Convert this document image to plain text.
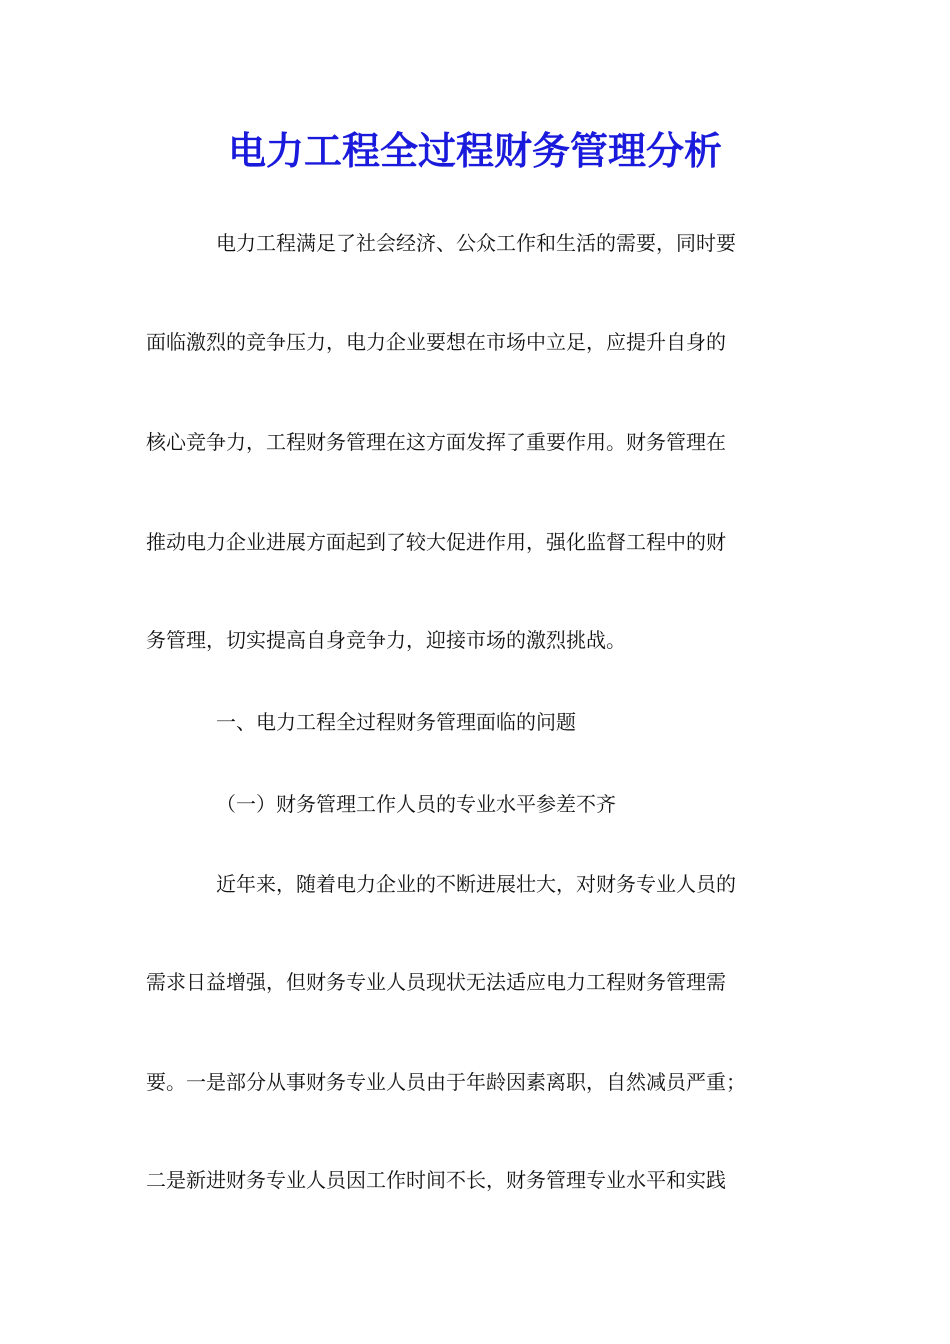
电力工程全过程财务管理分析
电力工程满足了社会经济、公众工作和生活的需要，同时要
面临激烈的竞争压力，电力企业要想在市场中立足，应提升自身的
核心竞争力，工程财务管理在这方面发挥了重要作用。财务管理在
推动电力企业进展方面起到了较大促进作用，强化监督工程中的财
务管理，切实提高自身竞争力，迎接市场的激烈挑战。
一、电力工程全过程财务管理面临的问题
（一）财务管理工作人员的专业水平参差不齐
近年来，随着电力企业的不断进展壮大，对财务专业人员的
需求日益增强，但财务专业人员现状无法适应电力工程财务管理需
要。一是部分从事财务专业人员由于年龄因素离职，自然减员严重；
二是新进财务专业人员因工作时间不长，财务管理专业水平和实践
